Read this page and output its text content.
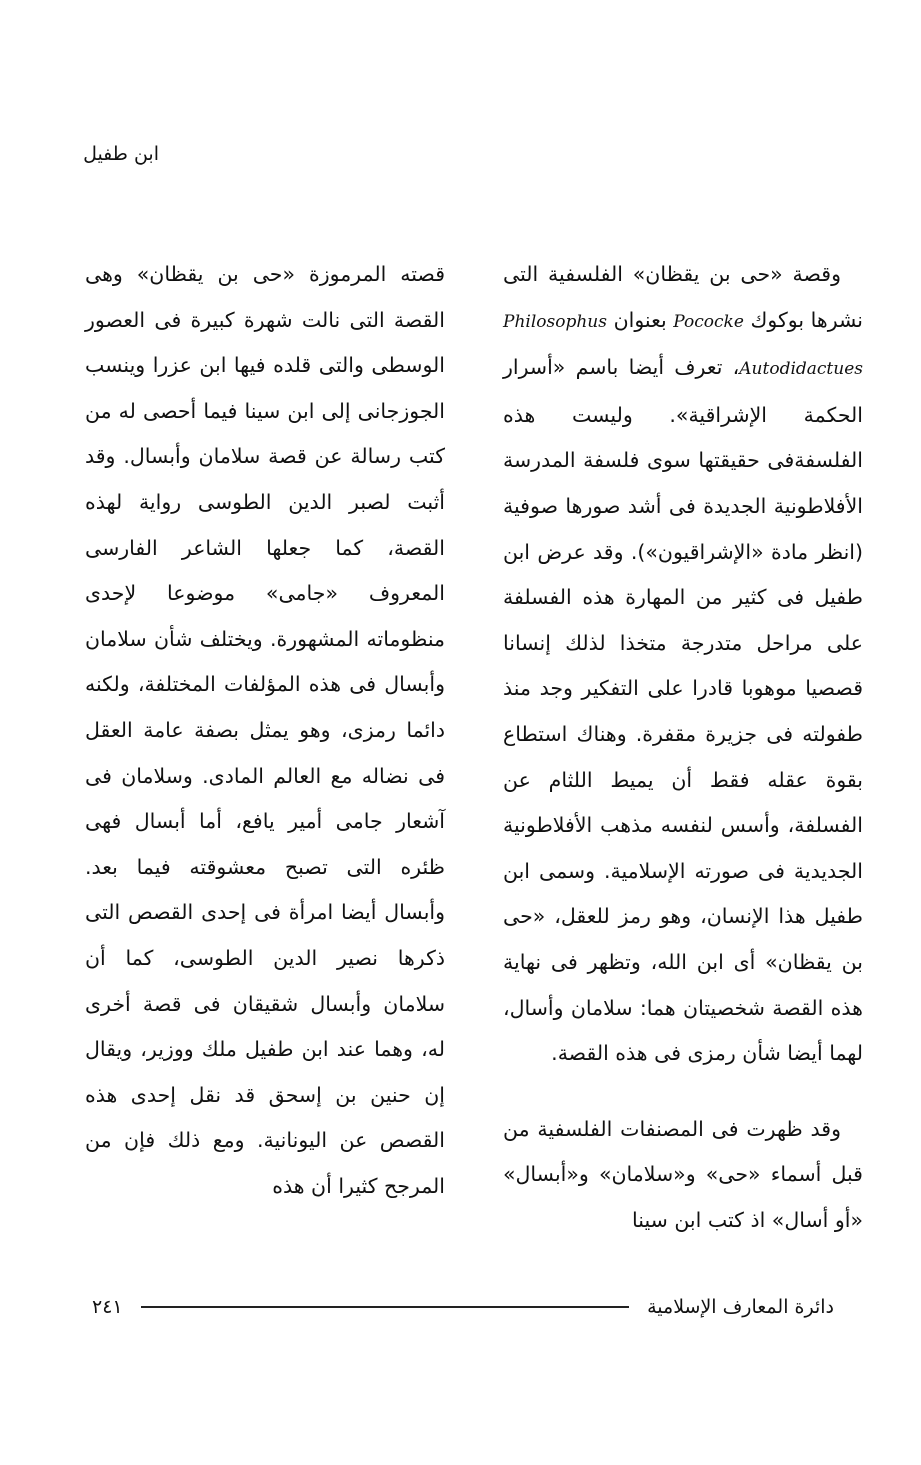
ابن طفيل

وقصة «حى بن يقظان» الفلسفية التى نشرها بوكوك Pococke بعنوان Philosophus Autodidactues، تعرف أيضا باسم «أسرار الحكمة الإشراقية». وليست هذه الفلسفةفى حقيقتها سوى فلسفة المدرسة الأفلاطونية الجديدة فى أشد صورها صوفية (انظر مادة «الإشراقيون»). وقد عرض ابن طفيل فى كثير من المهارة هذه الفسلفة على مراحل متدرجة متخذا لذلك إنسانا قصصيا موهوبا قادرا على التفكير وجد منذ طفولته فى جزيرة مقفرة. وهناك استطاع بقوة عقله فقط أن يميط اللثام عن الفسلفة، وأسس لنفسه مذهب الأفلاطونية الجديدية فى صورته الإسلامية. وسمى ابن طفيل هذا الإنسان، وهو رمز للعقل، «حى بن يقظان» أى ابن الله، وتظهر فى نهاية هذه القصة شخصيتان هما: سلامان وأسال، لهما أيضا شأن رمزى فى هذه القصة.

وقد ظهرت فى المصنفات الفلسفية من قبل أسماء «حى» و«سلامان» و«أبسال» «أو أسال» اذ كتب ابن سينا

قصته المرموزة «حى بن يقظان» وهى القصة التى نالت شهرة كبيرة فى العصور الوسطى والتى قلده فيها ابن عزرا وينسب الجوزجانى إلى ابن سينا فيما أحصى له من كتب رسالة عن قصة سلامان وأبسال. وقد أثبت لصبر الدين الطوسى رواية لهذه القصة، كما جعلها الشاعر الفارسى المعروف «جامى» موضوعا لإحدى منظوماته المشهورة. ويختلف شأن سلامان وأبسال فى هذه المؤلفات المختلفة، ولكنه دائما رمزى، وهو يمثل بصفة عامة العقل فى نضاله مع العالم المادى. وسلامان فى آشعار جامى أمير يافع، أما أبسال فهى ظئره التى تصبح معشوقته فيما بعد. وأبسال أيضا امرأة فى إحدى القصص التى ذكرها نصير الدين الطوسى، كما أن سلامان وأبسال شقيقان فى قصة أخرى له، وهما عند ابن طفيل ملك ووزير، ويقال إن حنين بن إسحق قد نقل إحدى هذه القصص عن اليونانية. ومع ذلك فإن من المرجح كثيرا أن هذه

دائرة المعارف الإسلامية
٢٤١
